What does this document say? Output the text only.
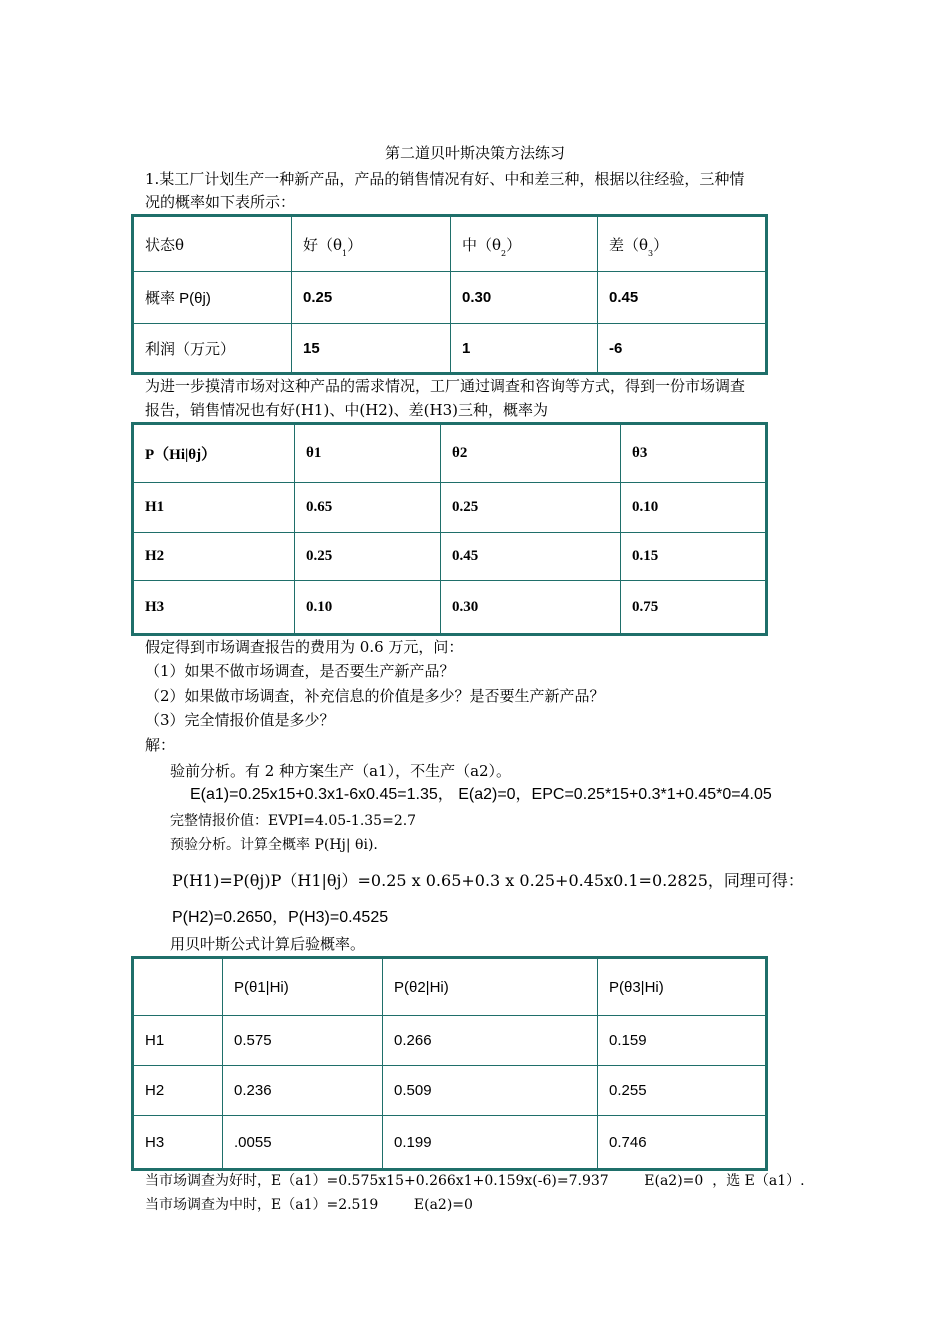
第二道贝叶斯决策方法练习
1.某工厂计划生产一种新产品，产品的销售情况有好、中和差三种，根据以往经验，三种情
况的概率如下表所示：
状态θ	好$(\theta_1)$	中$(\theta_2)$	差$(\theta_3)$
概率 P(θj)	0.25	0.30	0.45
利润（万元）	15	1	-6
为进一步摸清市场对这种产品的需求情况，工厂通过调查和咨询等方式，得到一份市场调查
报告，销售情况也有好(H1)、中(H2)、差(H3)三种，概率为
P（Hi|θj）	θ1	θ2	θ3
H1	0.65	0.25	0.10
H2	0.25	0.45	0.15
H3	0.10	0.30	0.75
假定得到市场调查报告的费用为 0.6 万元，问：
（1）如果不做市场调查，是否要生产新产品？
（2）如果做市场调查，补充信息的价值是多少？是否要生产新产品？
（3）完全情报价值是多少？
解：
验前分析。有 2 种方案生产（a1），不生产（a2）。
E(a1)=0.25x15+0.3x1-6x0.45=1.35， E(a2)=0，EPC=0.25*15+0.3*1+0.45*0=4.05
完整情报价值：EVPI=4.05-1.35=2.7
预验分析。计算全概率 P(Hj| θi).
P(H1)=P(θj)P（H1|θj）=0.25 x 0.65+0.3 x 0.25+0.45x0.1=0.2825，同理可得：
P(H2)=0.2650，P(H3)=0.4525
用贝叶斯公式计算后验概率。
	P(θ1|Hi)	P(θ2|Hi)	P(θ3|Hi)
H1	0.575	0.266	0.159
H2	0.236	0.509	0.255
H3	.0055	0.199	0.746
当市场调查为好时，E（a1）=0.575x15+0.266x1+0.159x(-6)=7.937        E(a2)=0  ，选 E（a1）.
当市场调查为中时，E（a1）=2.519        E(a2)=0
